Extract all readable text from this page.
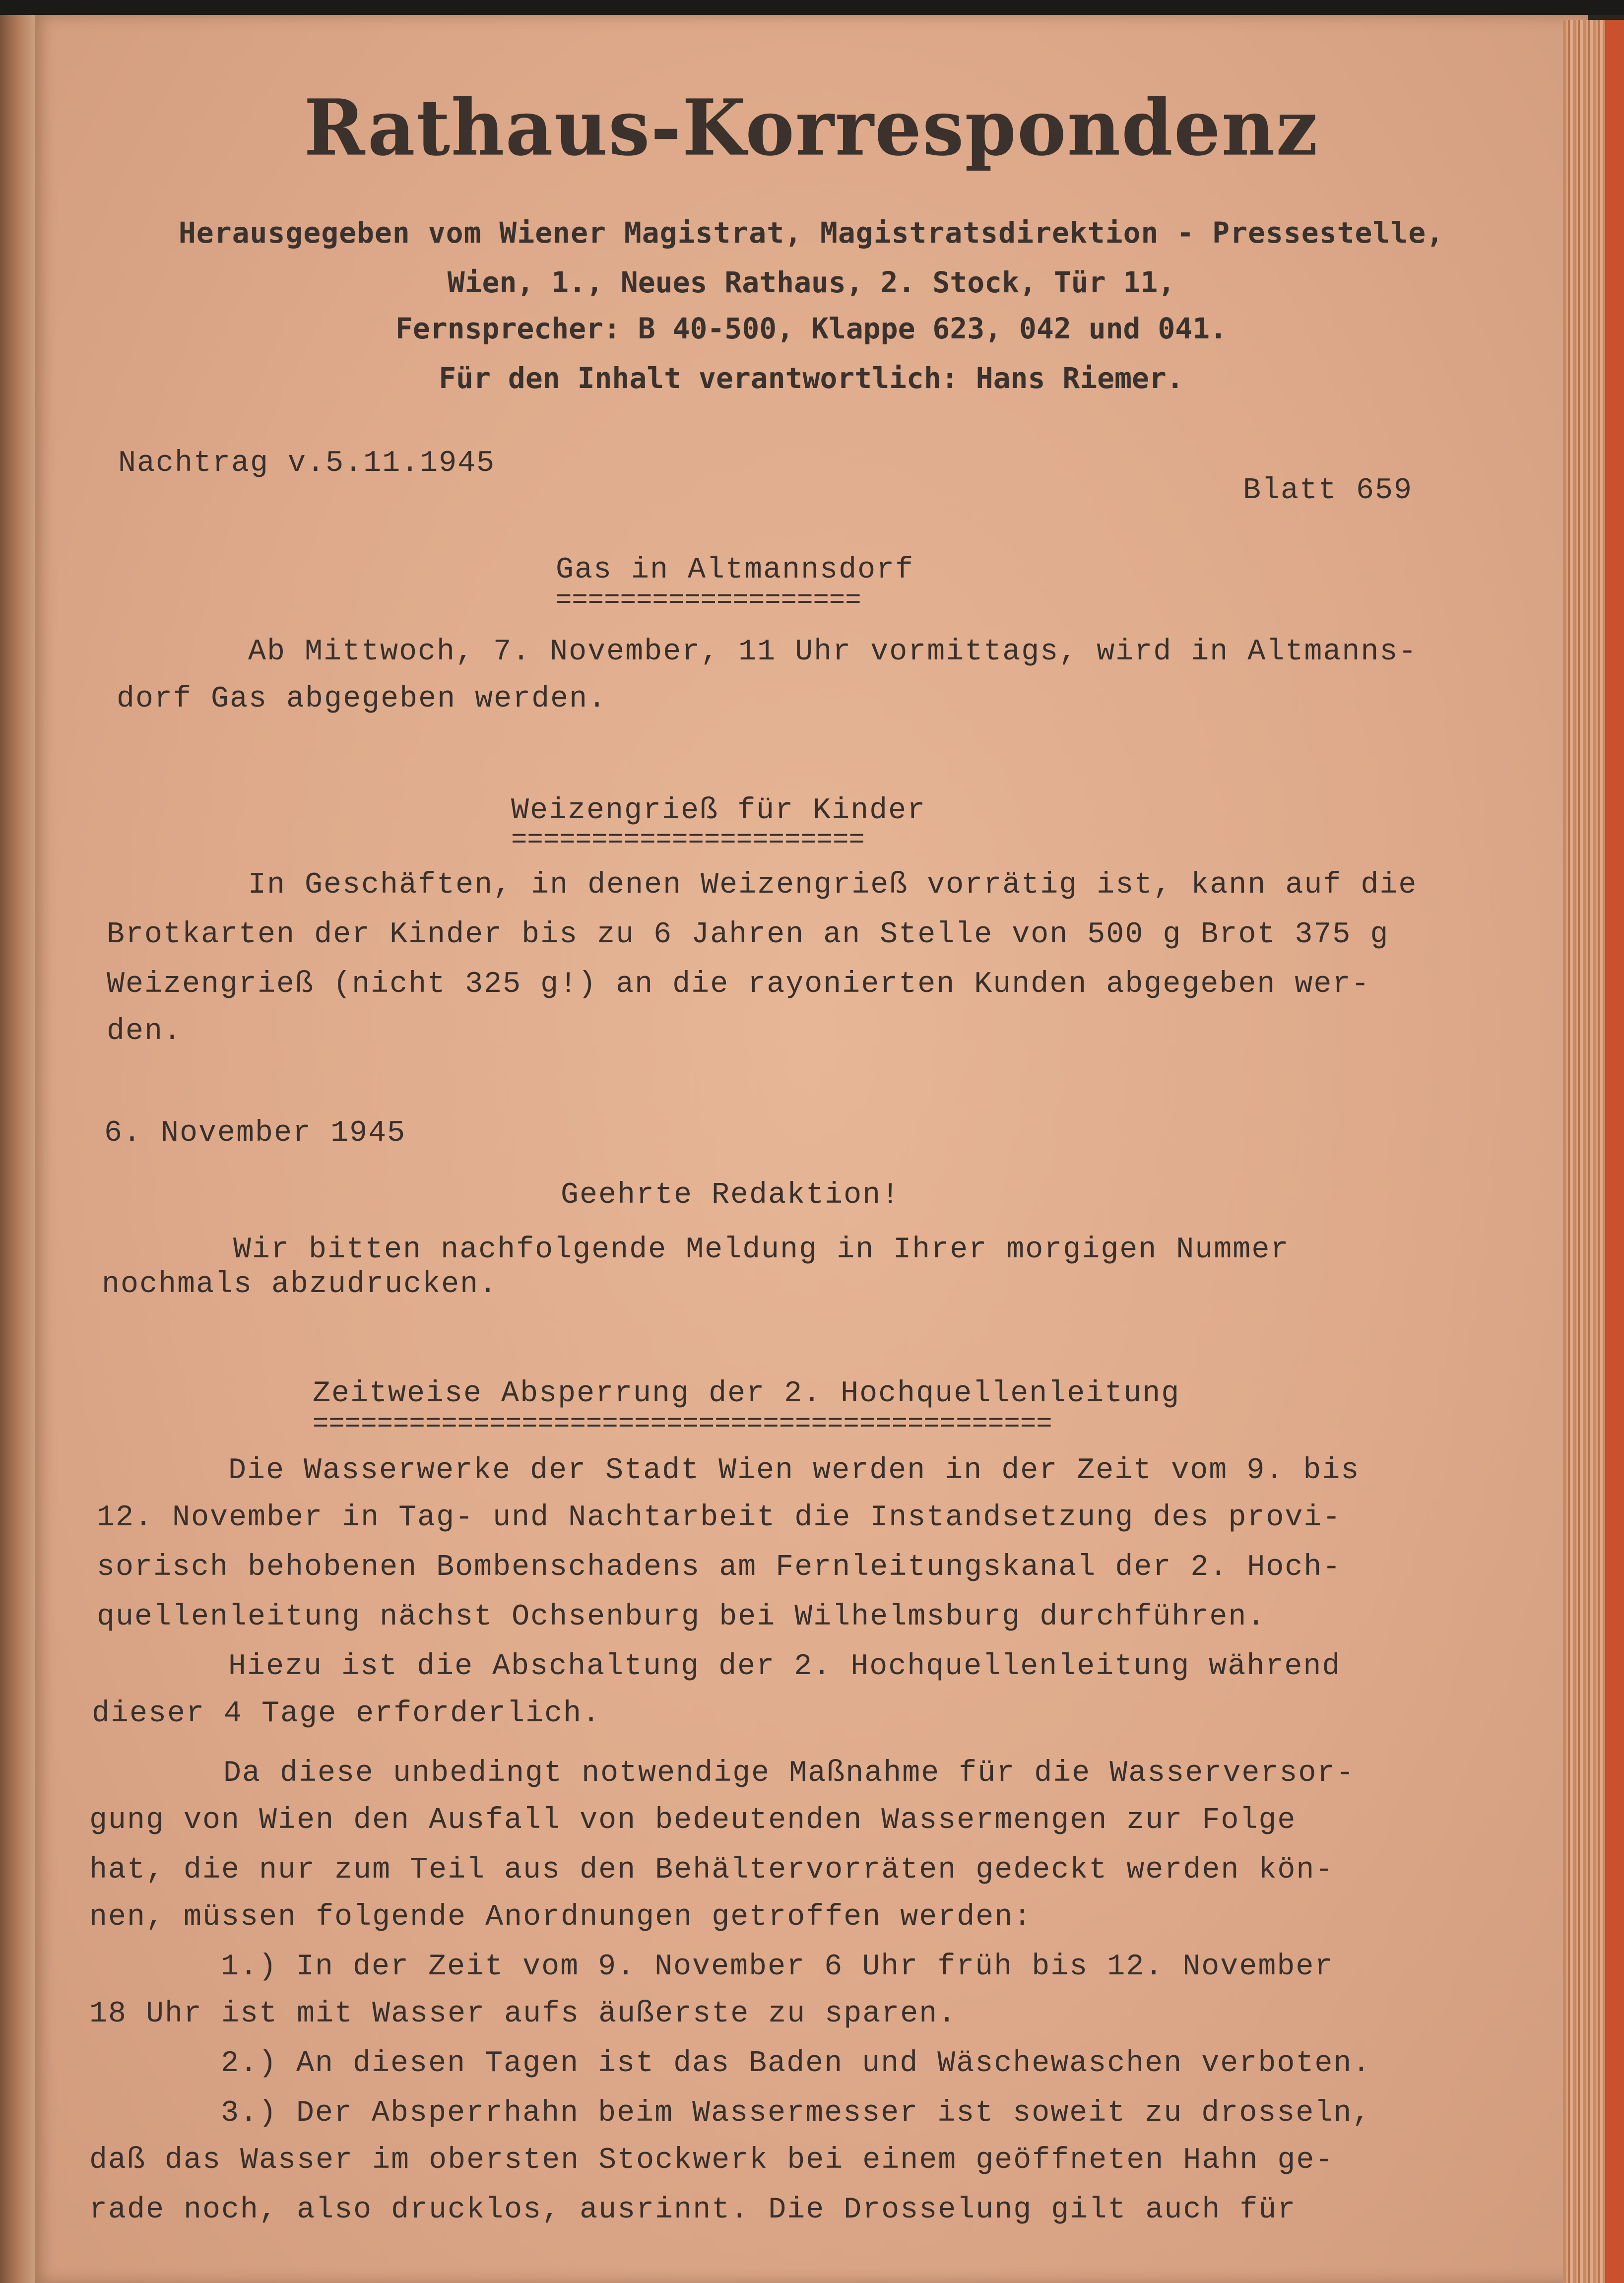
Rathaus-Korrespondenz
Herausgegeben vom Wiener Magistrat, Magistratsdirektion - Pressestelle,
Wien, 1., Neues Rathaus, 2. Stock, Tür 11,
Fernsprecher: B 40-500, Klappe 623, 042 und 041.
Für den Inhalt verantwortlich: Hans Riemer.
Nachtrag v.5.11.1945
Blatt 659
Gas in Altmannsdorf
===================
Ab Mittwoch, 7. November, 11 Uhr vormittags, wird in Altmanns-
dorf Gas abgegeben werden.
Weizengrieß für Kinder
======================
In Geschäften, in denen Weizengrieß vorrätig ist, kann auf die
Brotkarten der Kinder bis zu 6 Jahren an Stelle von 500 g Brot 375 g
Weizengrieß (nicht 325 g!) an die rayonierten Kunden abgegeben wer-
den.
6. November 1945
Geehrte Redaktion!
Wir bitten nachfolgende Meldung in Ihrer morgigen Nummer
nochmals abzudrucken.
Zeitweise Absperrung der 2. Hochquellenleitung
==============================================
Die Wasserwerke der Stadt Wien werden in der Zeit vom 9. bis
12. November in Tag- und Nachtarbeit die Instandsetzung des provi-
sorisch behobenen Bombenschadens am Fernleitungskanal der 2. Hoch-
quellenleitung nächst Ochsenburg bei Wilhelmsburg durchführen.
Hiezu ist die Abschaltung der 2. Hochquellenleitung während
dieser 4 Tage erforderlich.
Da diese unbedingt notwendige Maßnahme für die Wasserversor-
gung von Wien den Ausfall von bedeutenden Wassermengen zur Folge
hat, die nur zum Teil aus den Behältervorräten gedeckt werden kön-
nen, müssen folgende Anordnungen getroffen werden:
1.) In der Zeit vom 9. November 6 Uhr früh bis 12. November
18 Uhr ist mit Wasser aufs äußerste zu sparen.
2.) An diesen Tagen ist das Baden und Wäschewaschen verboten.
3.) Der Absperrhahn beim Wassermesser ist soweit zu drosseln,
daß das Wasser im obersten Stockwerk bei einem geöffneten Hahn ge-
rade noch, also drucklos, ausrinnt. Die Drosselung gilt auch für
